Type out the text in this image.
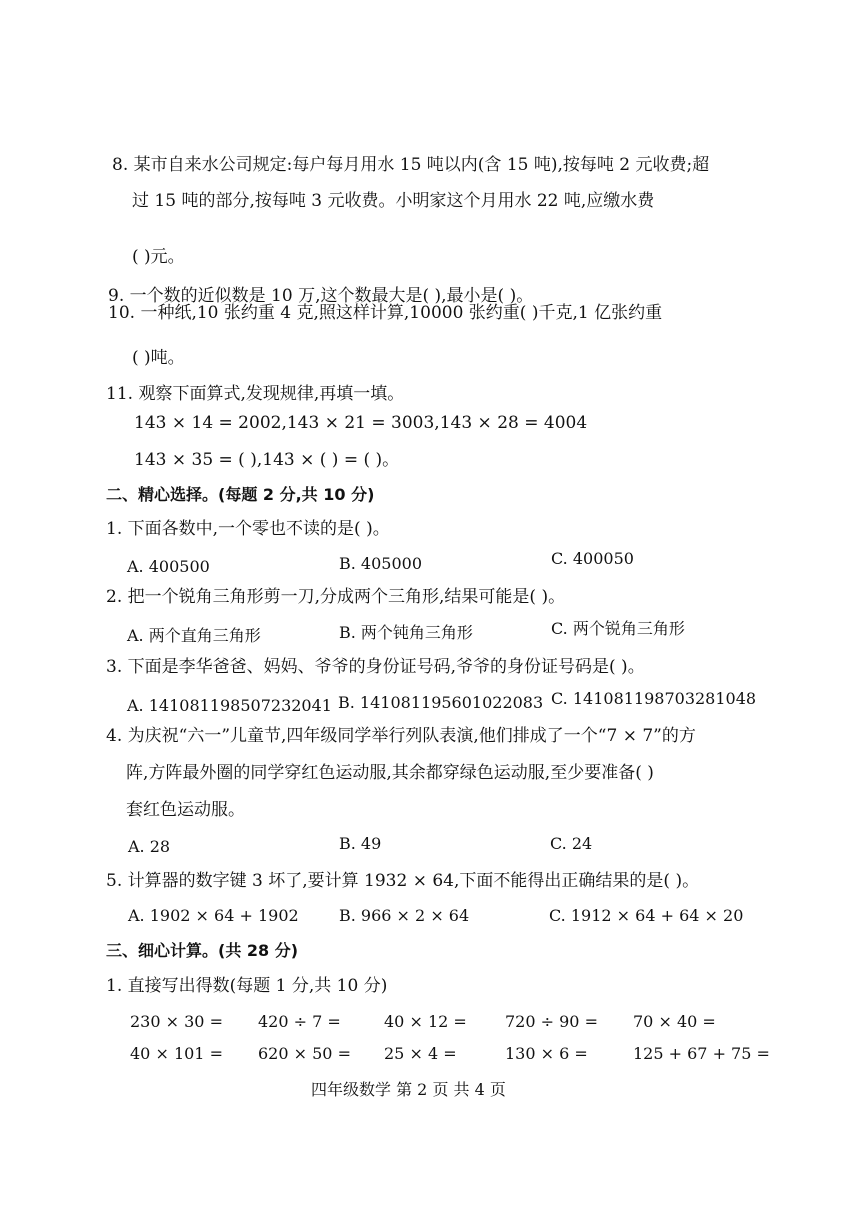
8. 某市自来水公司规定:每户每月用水 15 吨以内(含 15 吨),按每吨 2 元收费;超
过 15 吨的部分,按每吨 3 元收费。小明家这个月用水 22 吨,应缴水费
( )元。
9. 一个数的近似数是 10 万,这个数最大是( ),最小是( )。
10. 一种纸,10 张约重 4 克,照这样计算,10000 张约重( )千克,1 亿张约重
( )吨。
11. 观察下面算式,发现规律,再填一填。
143 × 14 = 2002,143 × 21 = 3003,143 × 28 = 4004
143 × 35 = ( ),143 × ( ) = ( )。
二、精心选择。(每题 2 分,共 10 分)
1. 下面各数中,一个零也不读的是( )。
A. 400500	B. 405000	C. 400050
2. 把一个锐角三角形剪一刀,分成两个三角形,结果可能是( )。
A. 两个直角三角形	B. 两个钝角三角形	C. 两个锐角三角形
3. 下面是李华爸爸、妈妈、爷爷的身份证号码,爷爷的身份证号码是( )。
A. 141081198507232041 B. 141081195601022083 C. 141081198703281048
4. 为庆祝“六一”儿童节,四年级同学举行列队表演,他们排成了一个“7 × 7”的方
阵,方阵最外圈的同学穿红色运动服,其余都穿绿色运动服,至少要准备( )
套红色运动服。
A. 28	B. 49	C. 24
5. 计算器的数字键 3 坏了,要计算 1932 × 64,下面不能得出正确结果的是( )。
A. 1902 × 64 + 1902	B. 966 × 2 × 64	C. 1912 × 64 + 64 × 20
三、细心计算。(共 28 分)
1. 直接写出得数(每题 1 分,共 10 分)
230 × 30 = 420 ÷ 7 =	40 × 12 = 720 ÷ 90 = 70 × 40 =
40 × 101 = 620 × 50 = 25 × 4 =	130 × 6 =	125 + 67 + 75 =
四年级数学 第 2 页 共 4 页
